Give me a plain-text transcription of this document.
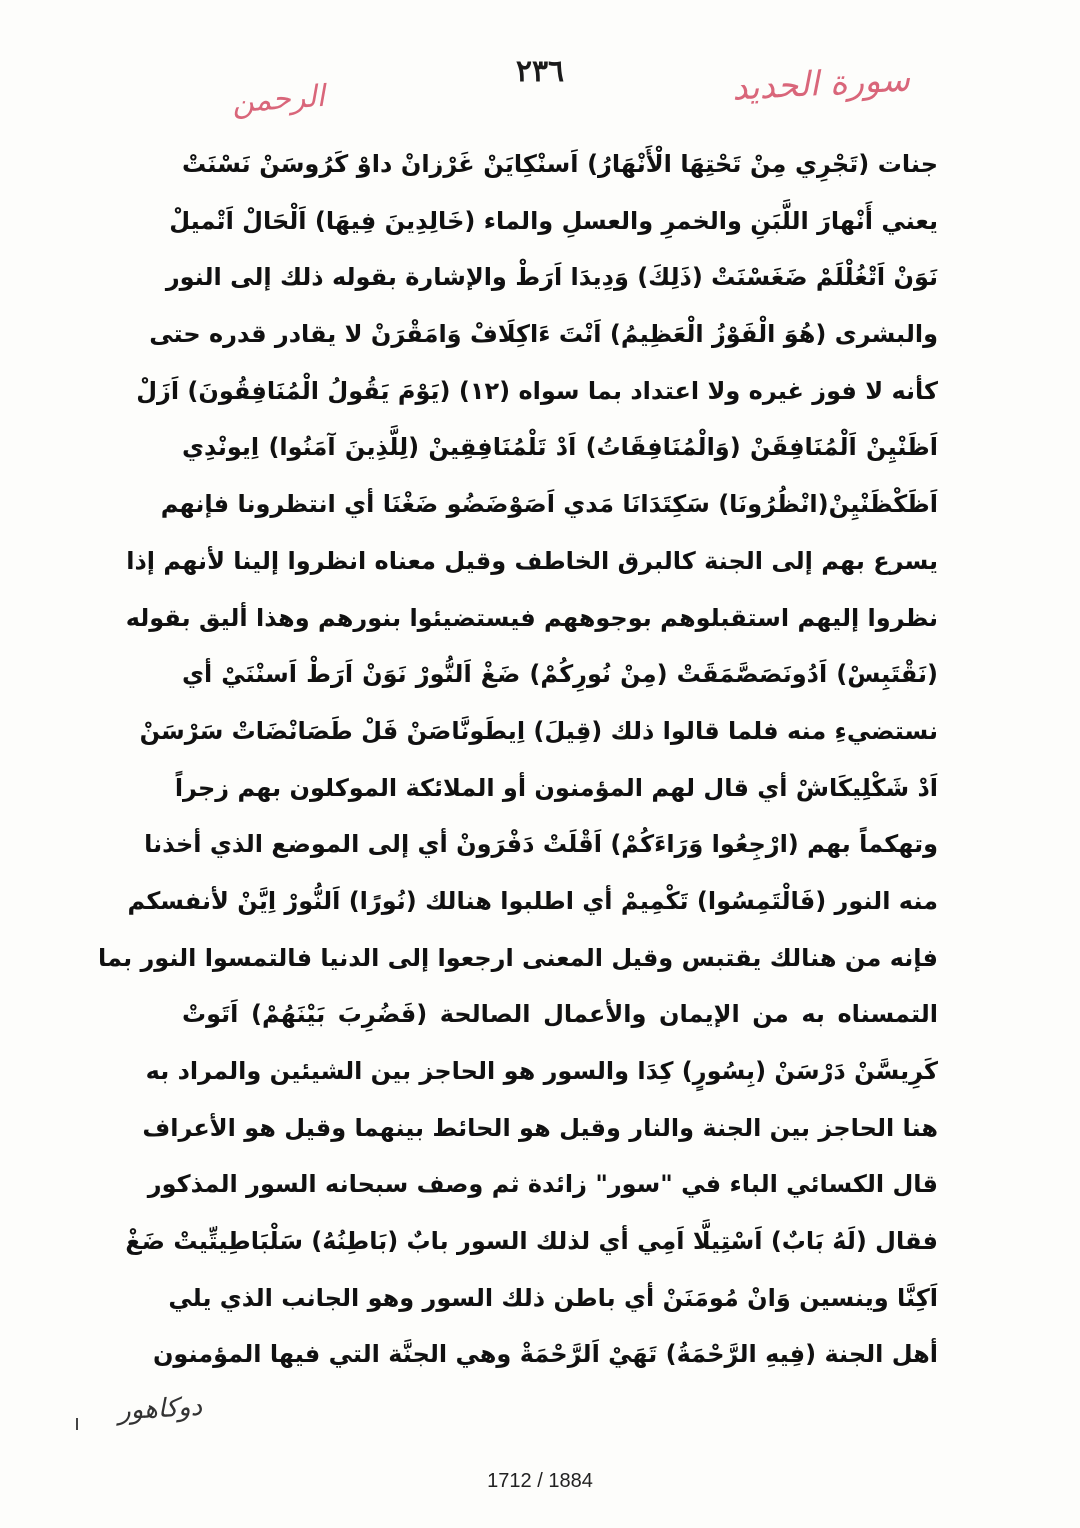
٢٣٦	سورة الحديد
الرحمن
جنات (تَجْرِي مِنْ تَحْتِهَا الْأَنْهَارُ) اَسنْكِايَنْ غَرْزانْ داوْ كَرُوسَنْ نَسْنَتْ
يعني أَنْهارَ اللَّبَنِ والخمرِ والعسلِ والماء (خَالِدِينَ فِيهَا) اَلْحَالْ اَتْميلْ
نَوَنْ اَتْغُلْلَمْ ضَغَسْنَتْ (ذَلِكَ) وَدِيدَا اَرَطْ والإشارة بقوله ذلك إلى النور
والبشرى (هُوَ الْفَوْزُ الْعَظِيمُ) اَنْتَ ءَاكِلَافْ وَامَقْرَنْ لا يقادر قدره حتى
كأنه لا فوز غيره ولا اعتداد بما سواه (١٢) (يَوْمَ يَقُولُ الْمُنَافِقُونَ) اَزَلْ
اَظَنْيِنْ اَلْمُنَافِقَنْ (وَالْمُنَافِقَاتُ) اَدْ تَلْمُنَافِقِينْ (لِلَّذِينَ آمَنُوا) اِيونْدِي
اَظَكْظَنْيِنْ(انْظُرُونَا) سَكِتَدَانَا مَدي اَصَوْضَضُو ضَغْنَا أي انتظرونا فإنهم
يسرع بهم إلى الجنة كالبرق الخاطف وقيل معناه انظروا إلينا لأنهم إذا
نظروا إليهم استقبلوهم بوجوههم فيستضيئوا بنورهم وهذا أليق بقوله
(نَقْتَبِسْ) اَدُونَصَصَّمَقَتْ (مِنْ نُورِكُمْ) ضَغْ اَلنُّورْ نَوَنْ اَرَطْ اَسنْنَيْ أي
نستضيءِ منه فلما قالوا ذلك (قِيلَ) اِيطَونَّاصَنْ فَلْ طَصَانْضَاتْ سَرْسَنْ
اَدْ شَكْلِيكَاشْ أي قال لهم المؤمنون أو الملائكة الموكلون بهم زجراً
وتهكماً بهم (ارْجِعُوا وَرَاءَكُمْ) اَقْلَتْ دَفْرَونْ أي إلى الموضع الذي أخذنا
منه النور (فَالْتَمِسُوا) تَكْمِيمْ أي اطلبوا هنالك (نُورًا) اَلنُّورْ اِيَّنْ لأنفسكم
فإنه من هنالك يقتبس وقيل المعنى ارجعوا إلى الدنيا فالتمسوا النور بما
التمسناه به من الإيمان والأعمال الصالحة (فَضُرِبَ بَيْنَهُمْ) اَتَوتْ
كَرِيسَّنْ دَرْسَنْ (بِسُورٍ) كِدَا والسور هو الحاجز بين الشيئين والمراد به
هنا الحاجز بين الجنة والنار وقيل هو الحائط بينهما وقيل هو الأعراف
قال الكسائي الباء في "سور" زائدة ثم وصف سبحانه السور المذكور
فقال (لَهُ بَابٌ) اَسْتِيلَّا اَمِي أي لذلك السور بابٌ (بَاطِنُهُ) سَلْبَاطِيتِّيتْ ضَغْ
اَكِنَّا وينسين وَانْ مُومَنَنْ أي باطن ذلك السور وهو الجانب الذي يلي
أهل الجنة (فِيهِ الرَّحْمَةُ) تَهَيْ اَلرَّحْمَةْ وهي الجنَّة التي فيها المؤمنون
دوكاهور
1712 / 1884
